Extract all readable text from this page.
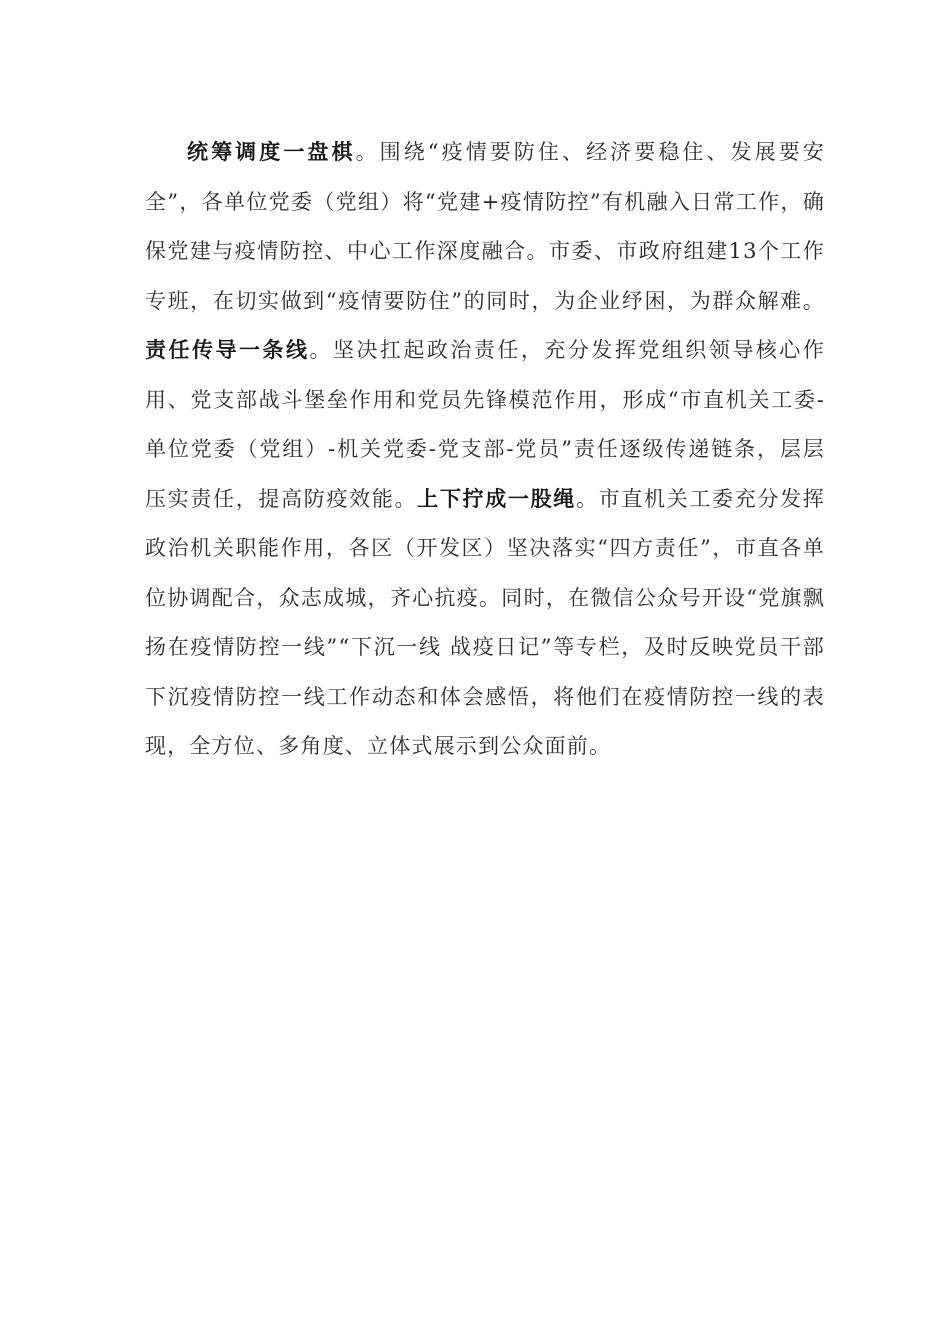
统筹调度一盘棋。围绕“疫情要防住、经济要稳住、发展要安全”，各单位党委（党组）将“党建+疫情防控”有机融入日常工作，确保党建与疫情防控、中心工作深度融合。市委、市政府组建13个工作专班，在切实做到“疫情要防住”的同时，为企业纾困，为群众解难。责任传导一条线。坚决扛起政治责任，充分发挥党组织领导核心作用、党支部战斗堡垒作用和党员先锋模范作用，形成“市直机关工委-单位党委（党组）-机关党委-党支部-党员”责任逐级传递链条，层层压实责任，提高防疫效能。上下拧成一股绳。市直机关工委充分发挥政治机关职能作用，各区（开发区）坚决落实“四方责任”，市直各单位协调配合，众志成城，齐心抗疫。同时，在微信公众号开设“党旗飘扬在疫情防控一线”“下沉一线 战疫日记”等专栏，及时反映党员干部下沉疫情防控一线工作动态和体会感悟，将他们在疫情防控一线的表现，全方位、多角度、立体式展示到公众面前。
